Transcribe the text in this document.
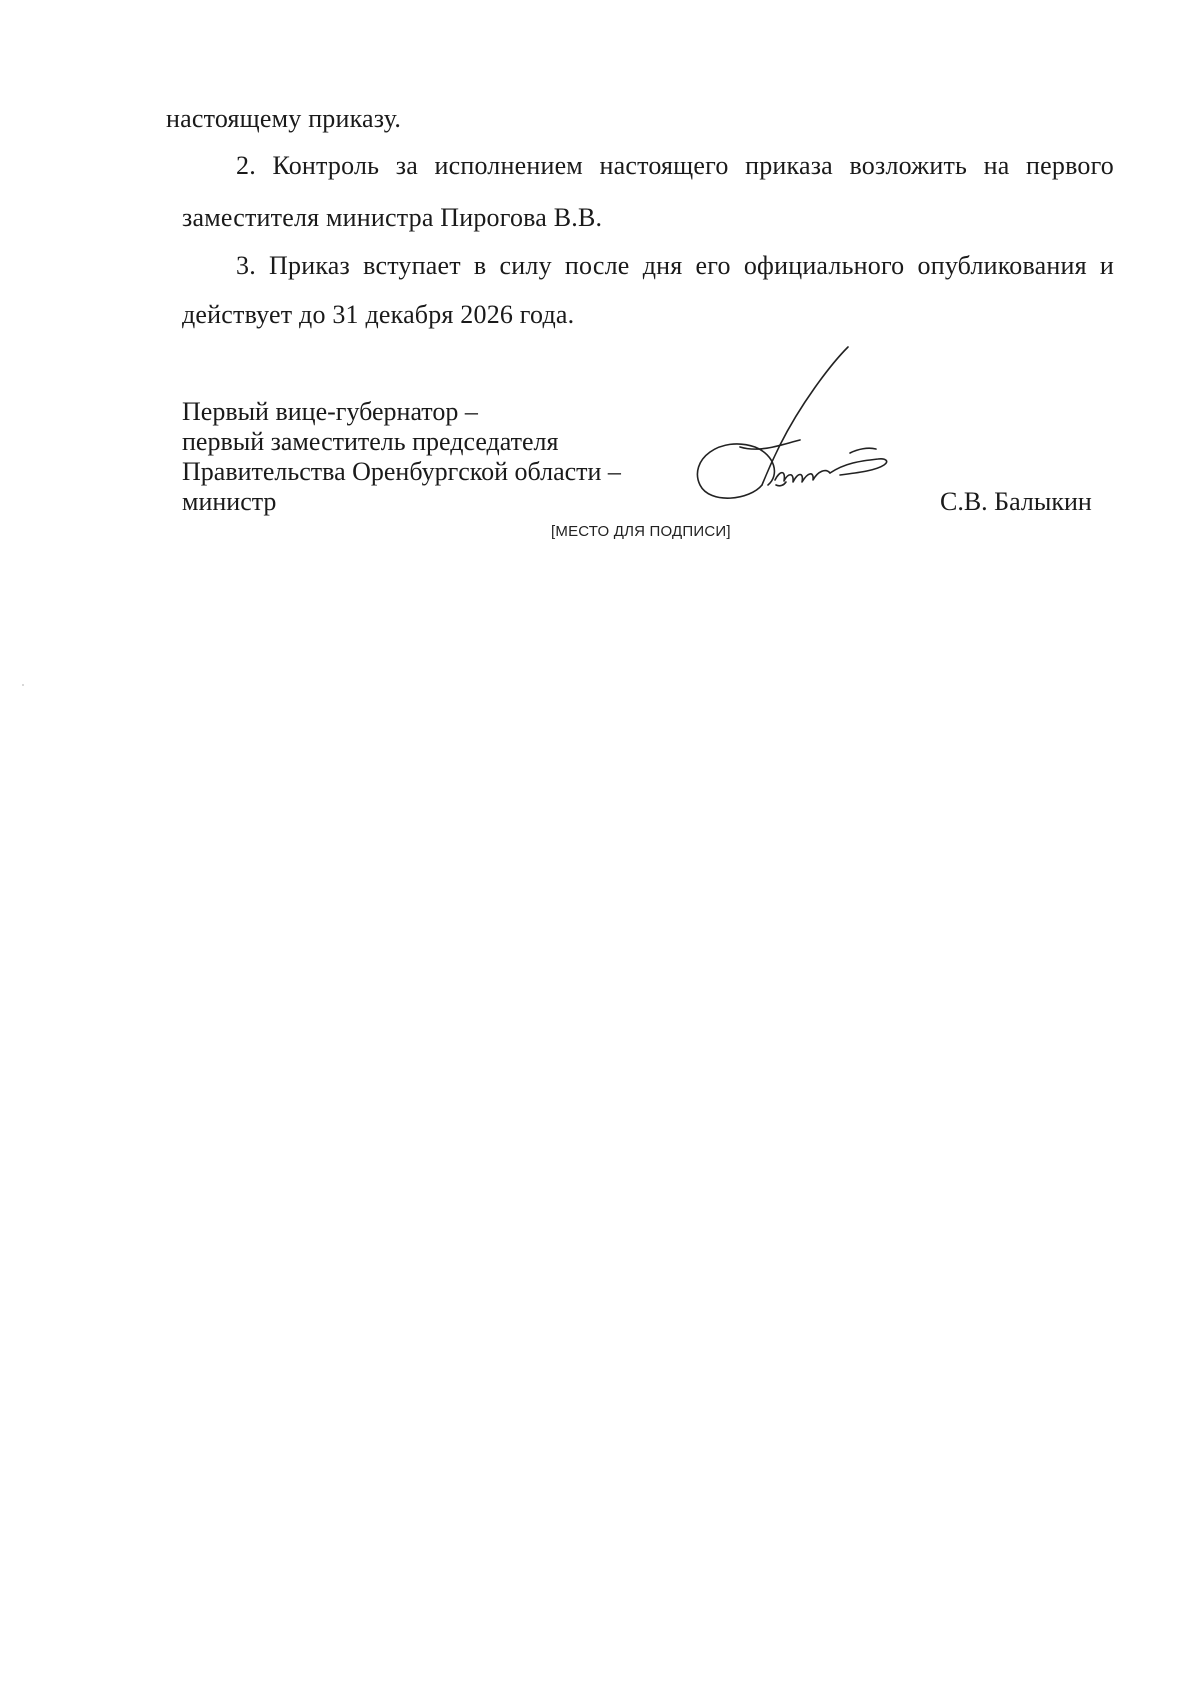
настоящему приказу.
2. Контроль за исполнением настоящего приказа возложить на первого
заместителя министра Пирогова В.В.
3. Приказ вступает в силу после дня его официального опубликования и
действует до 31 декабря 2026 года.
Первый вице-губернатор –
первый заместитель председателя
Правительства Оренбургской области –
министр	С.В. Балыкин
[МЕСТО ДЛЯ ПОДПИСИ]
